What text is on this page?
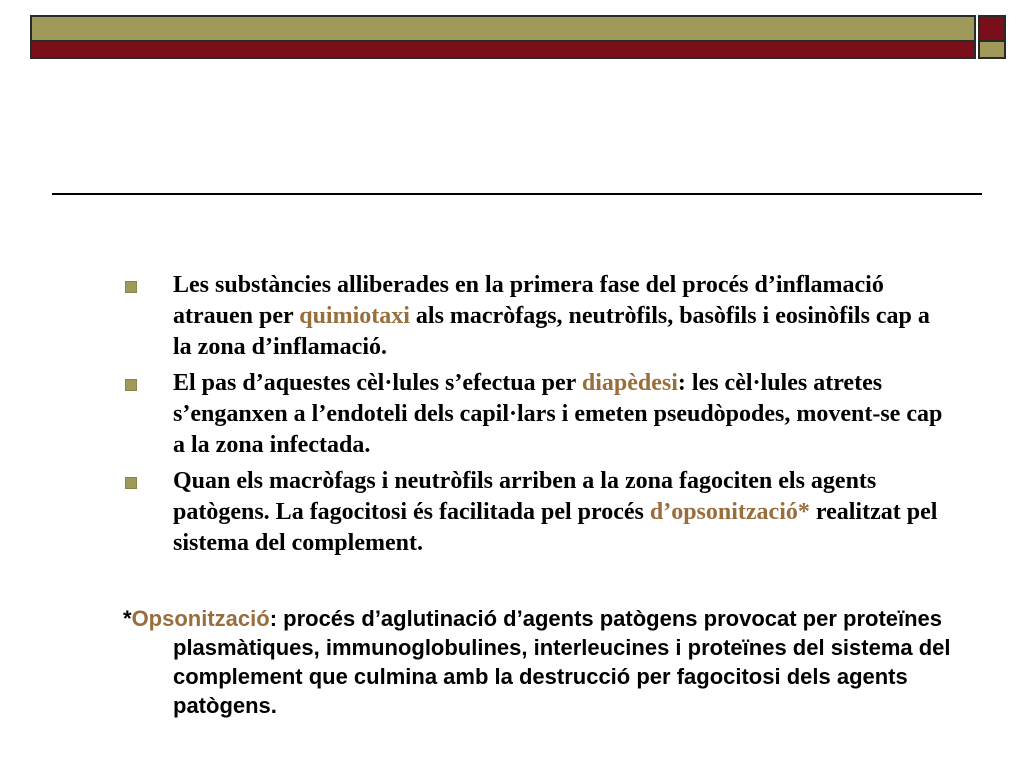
Les substàncies alliberades en la primera fase del procés d’inflamació atrauen per quimiotaxi als macròfags, neutròfils, basòfils i eosinòfils cap a la zona d’inflamació.
El pas d’aquestes cèl·lules s’efectua per diapèdesi: les cèl·lules atretes s’enganxen a l’endoteli dels capil·lars i emeten pseudòpodes, movent-se cap a la zona infectada.
Quan els macròfags i neutròfils arriben a la zona fagociten els agents patògens. La fagocitosi és facilitada pel procés d’opsonització* realitzat pel sistema del complement.
*Opsonització: procés d’aglutinació d’agents patògens provocat per proteïnes plasmàtiques, immunoglobulines, interleucines i proteïnes del sistema del complement que culmina amb la destrucció per fagocitosi dels agents patògens.
